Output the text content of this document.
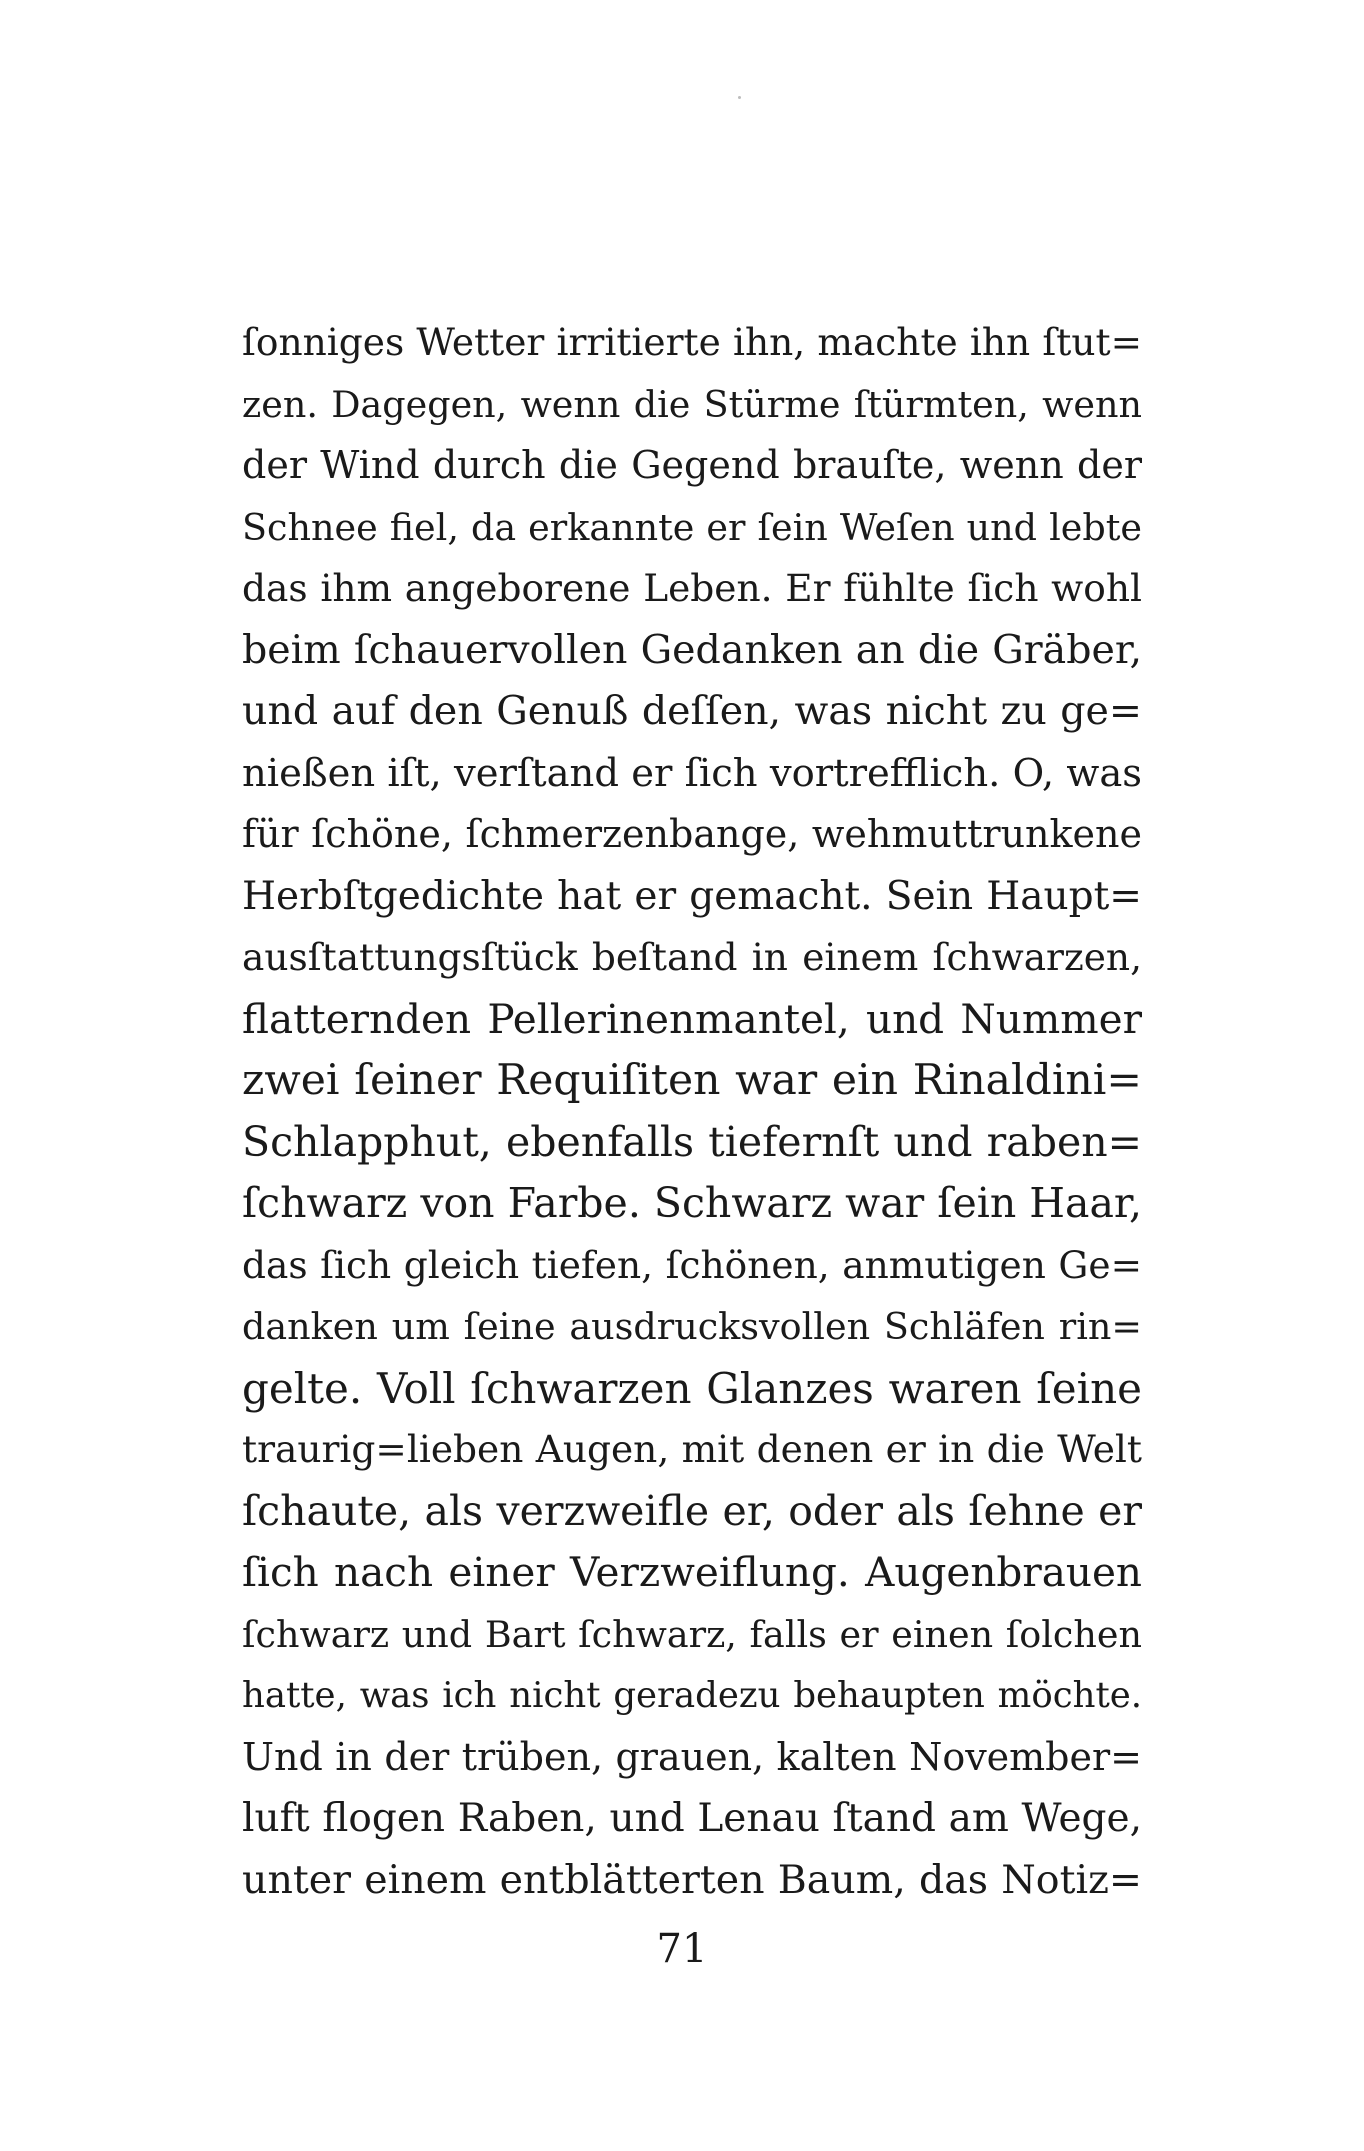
ſonniges Wetter irritierte ihn, machte ihn ſtut=
zen. Dagegen, wenn die Stürme ſtürmten, wenn
der Wind durch die Gegend brauſte, wenn der
Schnee fiel, da erkannte er ſein Weſen und lebte
das ihm angeborene Leben. Er fühlte ſich wohl
beim ſchauervollen Gedanken an die Gräber,
und auf den Genuß deſſen, was nicht zu ge=
nießen iſt, verſtand er ſich vortrefflich. O, was
für ſchöne, ſchmerzenbange, wehmuttrunkene
Herbſtgedichte hat er gemacht. Sein Haupt=
ausſtattungsſtück beſtand in einem ſchwarzen,
flatternden Pellerinenmantel, und Nummer
zwei ſeiner Requiſiten war ein Rinaldini=
Schlapphut, ebenfalls tiefernſt und raben=
ſchwarz von Farbe. Schwarz war ſein Haar,
das ſich gleich tiefen, ſchönen, anmutigen Ge=
danken um ſeine ausdrucksvollen Schläfen rin=
gelte. Voll ſchwarzen Glanzes waren ſeine
traurig=lieben Augen, mit denen er in die Welt
ſchaute, als verzweifle er, oder als ſehne er
ſich nach einer Verzweiflung. Augenbrauen
ſchwarz und Bart ſchwarz, falls er einen ſolchen
hatte, was ich nicht geradezu behaupten möchte.
Und in der trüben, grauen, kalten November=
luft flogen Raben, und Lenau ſtand am Wege,
unter einem entblätterten Baum, das Notiz=
71
